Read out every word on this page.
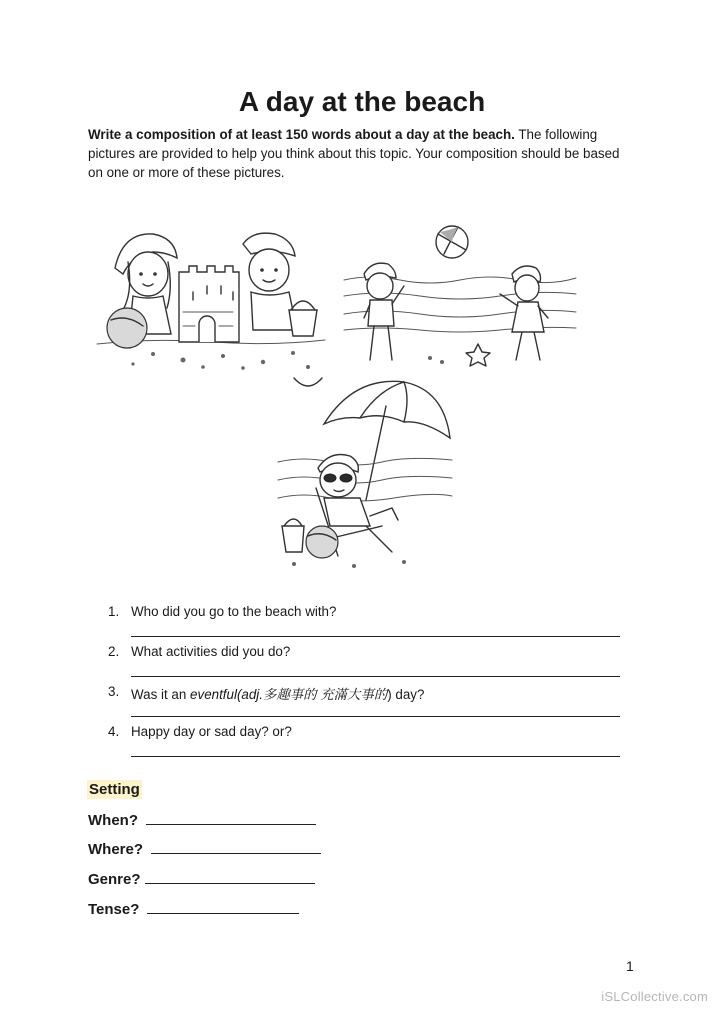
A day at the beach

Write a composition of at least 150 words about a day at the beach. The following pictures are provided to help you think about this topic. Your composition should be based on one or more of these pictures.

1. Who did you go to the beach with?
2. What activities did you do?
3. Was it an eventful(adj.多趣事的 充滿大事的) day?
4. Happy day or sad day? or?
Setting
When?
Where?
Genre?
Tense?
1
iSLCollective.com
